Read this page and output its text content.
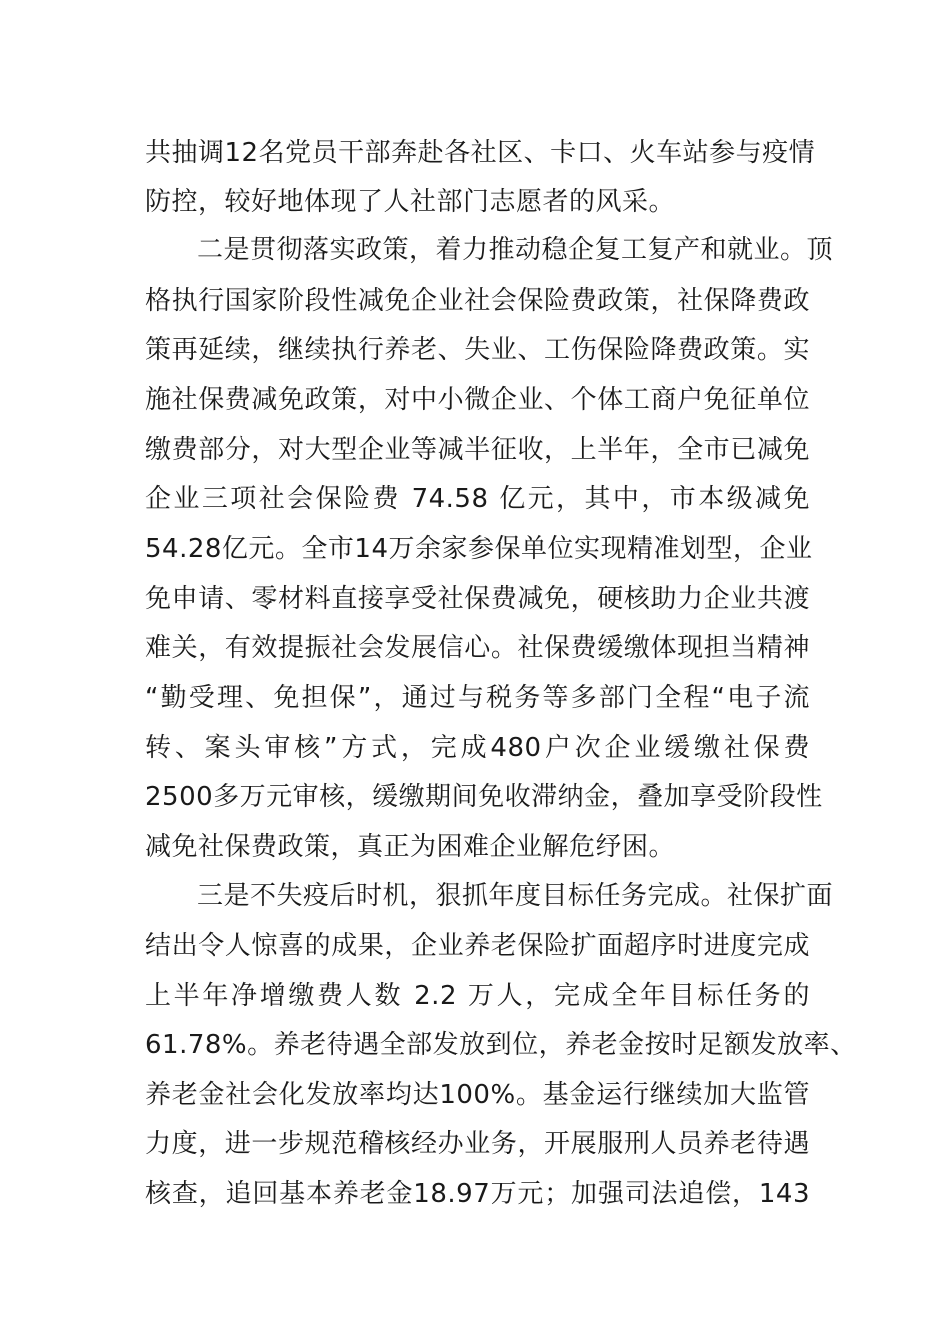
共抽调12名党员干部奔赴各社区、卡口、火车站参与疫情
防控，较好地体现了人社部门志愿者的风采。
二是贯彻落实政策，着力推动稳企复工复产和就业。顶
格执行国家阶段性减免企业社会保险费政策，社保降费政
策再延续，继续执行养老、失业、工伤保险降费政策。实
施社保费减免政策，对中小微企业、个体工商户免征单位
缴费部分，对大型企业等减半征收，上半年，全市已减免
企业三项社会保险费 74.58 亿元，其中，市本级减免
54.28亿元。全市14万余家参保单位实现精准划型，企业
免申请、零材料直接享受社保费减免，硬核助力企业共渡
难关，有效提振社会发展信心。社保费缓缴体现担当精神
“勤受理、免担保”，通过与税务等多部门全程“电子流
转、案头审核”方式，完成480户次企业缓缴社保费
2500多万元审核，缓缴期间免收滞纳金，叠加享受阶段性
减免社保费政策，真正为困难企业解危纾困。
三是不失疫后时机，狠抓年度目标任务完成。社保扩面
结出令人惊喜的成果，企业养老保险扩面超序时进度完成
上半年净增缴费人数 2.2 万人，完成全年目标任务的
61.78%。养老待遇全部发放到位，养老金按时足额发放率、
养老金社会化发放率均达100%。基金运行继续加大监管
力度，进一步规范稽核经办业务，开展服刑人员养老待遇
核查，追回基本养老金18.97万元；加强司法追偿，143
